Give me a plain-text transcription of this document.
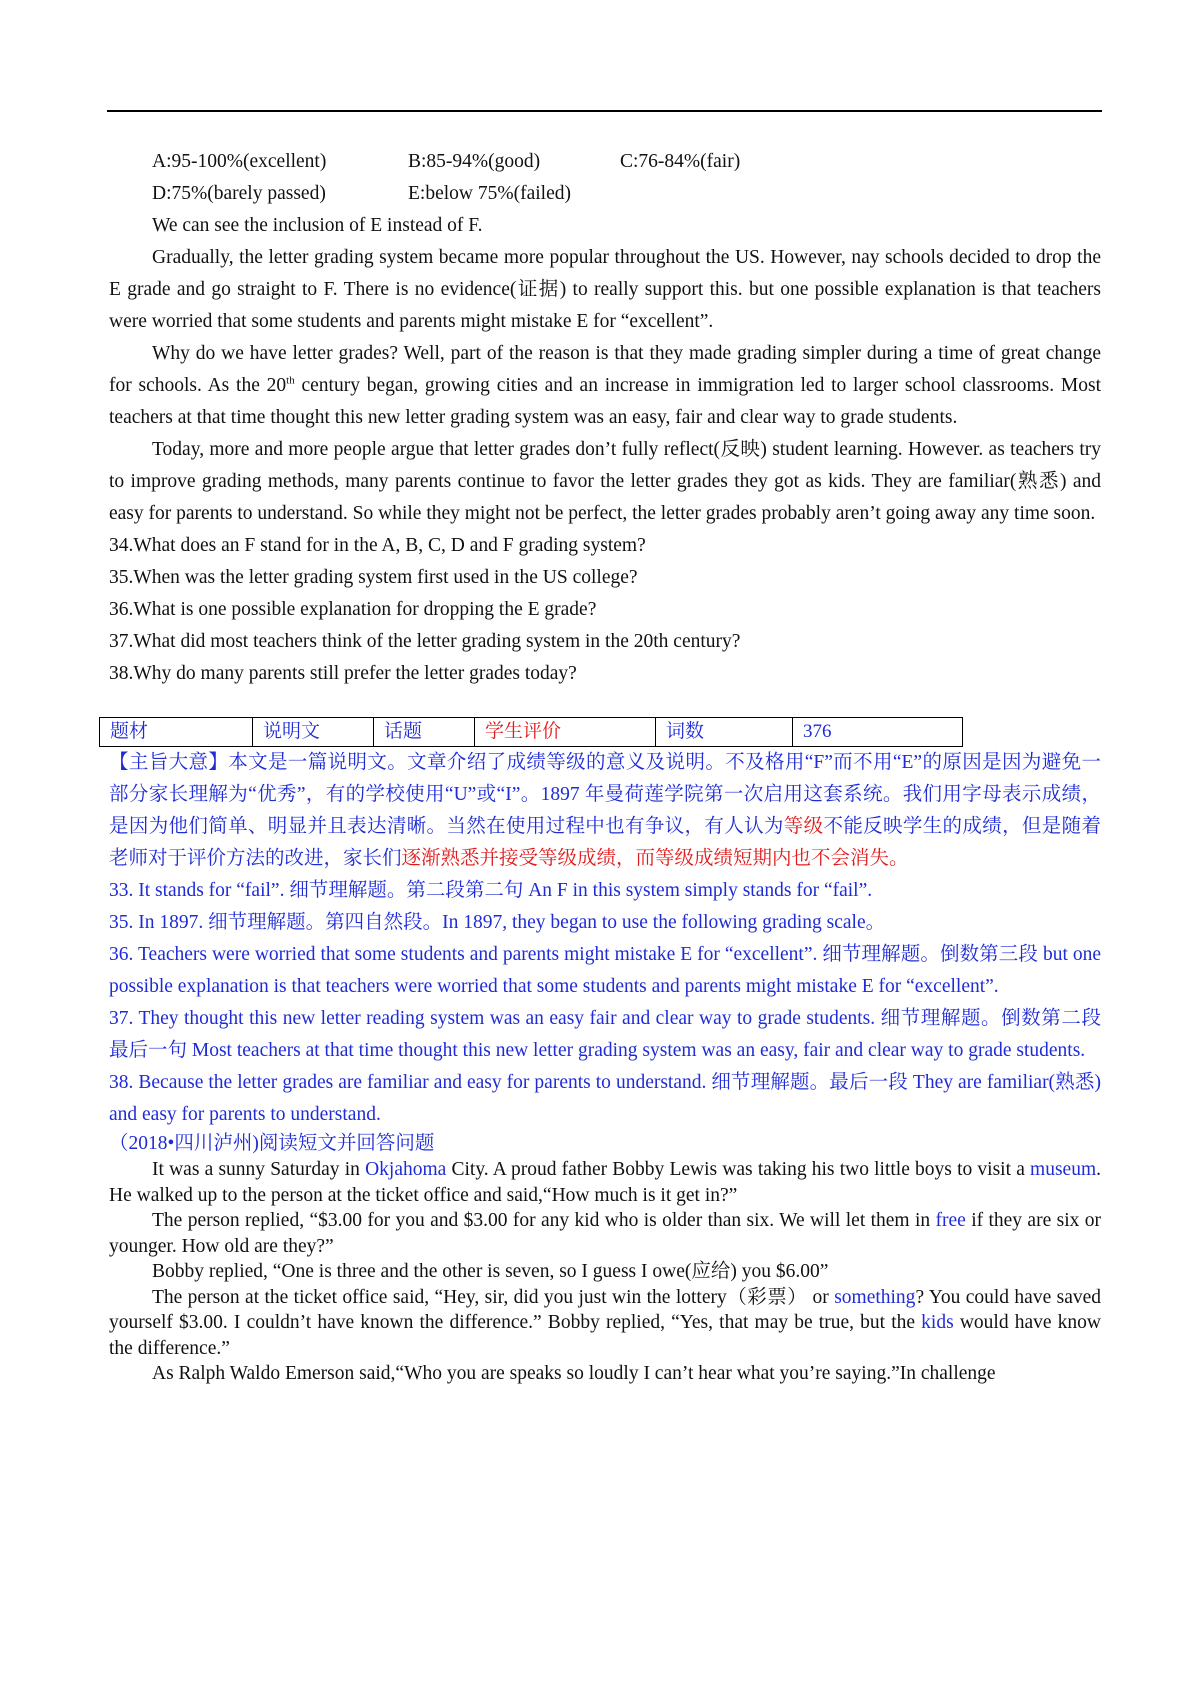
A:95-100%(excellent)	B:85-94%(good)	C:76-84%(fair)
D:75%(barely passed)	E:below 75%(failed)

We can see the inclusion of E instead of F.

Gradually, the letter grading system became more popular throughout the US. However, nay schools decided to drop the E grade and go straight to F. There is no evidence(证据) to really support this. but one possible explanation is that teachers were worried that some students and parents might mistake E for “excellent”.

Why do we have letter grades? Well, part of the reason is that they made grading simpler during a time of great change for schools. As the 20th century began, growing cities and an increase in immigration led to larger school classrooms. Most teachers at that time thought this new letter grading system was an easy, fair and clear way to grade students.

Today, more and more people argue that letter grades don’t fully reflect(反映) student learning. However. as teachers try to improve grading methods, many parents continue to favor the letter grades they got as kids. They are familiar(熟悉) and easy for parents to understand. So while they might not be perfect, the letter grades probably aren’t going away any time soon.

34.What does an F stand for in the A, B, C, D and F grading system?
35.When was the letter grading system first used in the US college?
36.What is one possible explanation for dropping the E grade?
37.What did most teachers think of the letter grading system in the 20th century?
38.Why do many parents still prefer the letter grades today?
题材	说明文	话题	学生评价	词数	376

【主旨大意】本文是一篇说明文。文章介绍了成绩等级的意义及说明。不及格用“F”而不用“E”的原因是因为避免一部分家长理解为“优秀”，有的学校使用“U”或“I”。1897 年曼荷莲学院第一次启用这套系统。我们用字母表示成绩，是因为他们简单、明显并且表达清晰。当然在使用过程中也有争议，有人认为等级不能反映学生的成绩，但是随着老师对于评价方法的改进，家长们逐渐熟悉并接受等级成绩，而等级成绩短期内也不会消失。

33. It stands for “fail”. 细节理解题。第二段第二句 An F in this system simply stands for “fail”.

35. In 1897. 细节理解题。第四自然段。In 1897, they began to use the following grading scale。

36. Teachers were worried that some students and parents might mistake E for “excellent”. 细节理解题。倒数第三段 but one possible explanation is that teachers were worried that some students and parents might mistake E for “excellent”.

37. They thought this new letter reading system was an easy fair and clear way to grade students. 细节理解题。倒数第二段最后一句 Most teachers at that time thought this new letter grading system was an easy, fair and clear way to grade students.

38. Because the letter grades are familiar and easy for parents to understand. 细节理解题。最后一段 They are familiar(熟悉) and easy for parents to understand.

（2018•四川泸州)阅读短文并回答问题

It was a sunny Saturday in Okjahoma City. A proud father Bobby Lewis was taking his two little boys to visit a museum. He walked up to the person at the ticket office and said,“How much is it get in?”

The person replied, “$3.00 for you and $3.00 for any kid who is older than six. We will let them in free if they are six or younger. How old are they?”

Bobby replied, “One is three and the other is seven, so I guess I owe(应给) you $6.00”

The person at the ticket office said, “Hey, sir, did you just win the lottery（彩票） or something? You could have saved yourself $3.00. I couldn’t have known the difference.” Bobby replied, “Yes, that may be true, but the kids would have know the difference.”

As Ralph Waldo Emerson said,“Who you are speaks so loudly I can’t hear what you’re saying.”In challenge
